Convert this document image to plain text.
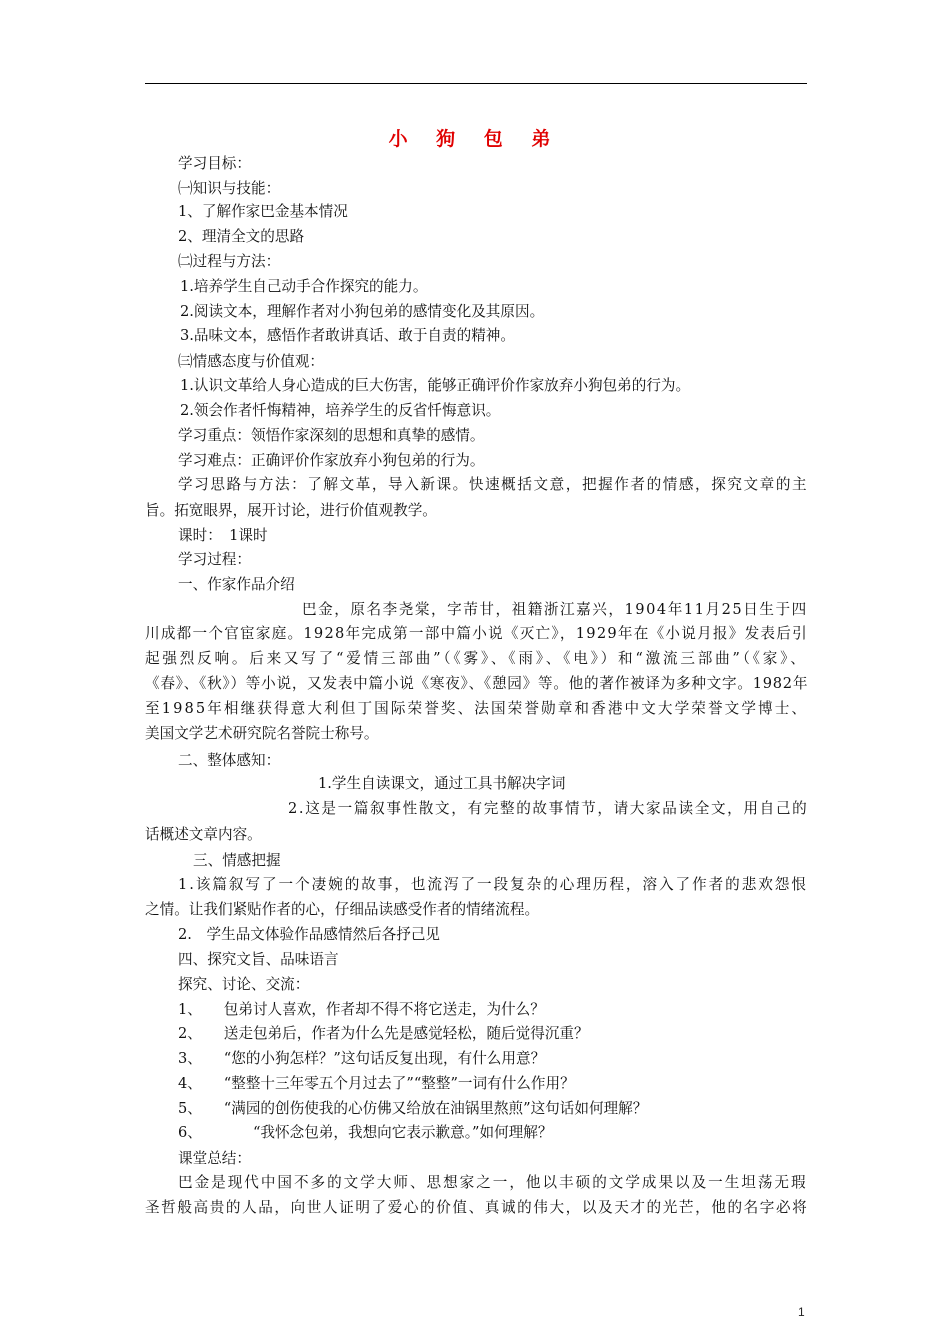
小 狗 包 弟
学习目标：
㈠知识与技能：
1、了解作家巴金基本情况
2、理清全文的思路
㈡过程与方法：
1.培养学生自己动手合作探究的能力。
2.阅读文本，理解作者对小狗包弟的感情变化及其原因。
3.品味文本，感悟作者敢讲真话、敢于自责的精神。
㈢情感态度与价值观：
1.认识文革给人身心造成的巨大伤害，能够正确评价作家放弃小狗包弟的行为。
2.领会作者忏悔精神，培养学生的反省忏悔意识。
学习重点：领悟作家深刻的思想和真挚的感情。
学习难点：正确评价作家放弃小狗包弟的行为。
学习思路与方法：了解文革，导入新课。快速概括文意，把握作者的情感，探究文章的主
旨。拓宽眼界，展开讨论，进行价值观教学。
课时：　1课时
学习过程：
一、作家作品介绍
巴金，原名李尧棠，字芾甘，祖籍浙江嘉兴，1904年11月25日生于四
川成都一个官宦家庭。1928年完成第一部中篇小说《灭亡》，1929年在《小说月报》发表后引
起强烈反响。后来又写了“爱情三部曲”（《雾》、《雨》、《电》）和“激流三部曲”（《家》、
《春》、《秋》）等小说，又发表中篇小说《寒夜》、《憩园》等。他的著作被译为多种文字。1982年
至1985年相继获得意大利但丁国际荣誉奖、法国荣誉勋章和香港中文大学荣誉文学博士、
美国文学艺术研究院名誉院士称号。
二、整体感知：
1.学生自读课文，通过工具书解决字词
2.这是一篇叙事性散文，有完整的故事情节，请大家品读全文，用自己的
话概述文章内容。
三、情感把握
1.该篇叙写了一个凄婉的故事，也流泻了一段复杂的心理历程，溶入了作者的悲欢怨恨
之情。让我们紧贴作者的心，仔细品读感受作者的情绪流程。
2.　学生品文体验作品感情然后各抒己见
四、探究文旨、品味语言
探究、讨论、交流：
1、　　包弟讨人喜欢，作者却不得不将它送走，为什么？
2、　　送走包弟后，作者为什么先是感觉轻松，随后觉得沉重？
3、　　“您的小狗怎样？”这句话反复出现，有什么用意？
4、　　“整整十三年零五个月过去了”“整整”一词有什么作用？
5、　　“满园的创伤使我的心仿佛又给放在油锅里熬煎”这句话如何理解？
6、　　　　“我怀念包弟，我想向它表示歉意。”如何理解？
课堂总结：
巴金是现代中国不多的文学大师、思想家之一，他以丰硕的文学成果以及一生坦荡无瑕
圣哲般高贵的人品，向世人证明了爱心的价值、真诚的伟大，以及天才的光芒，他的名字必将
1
